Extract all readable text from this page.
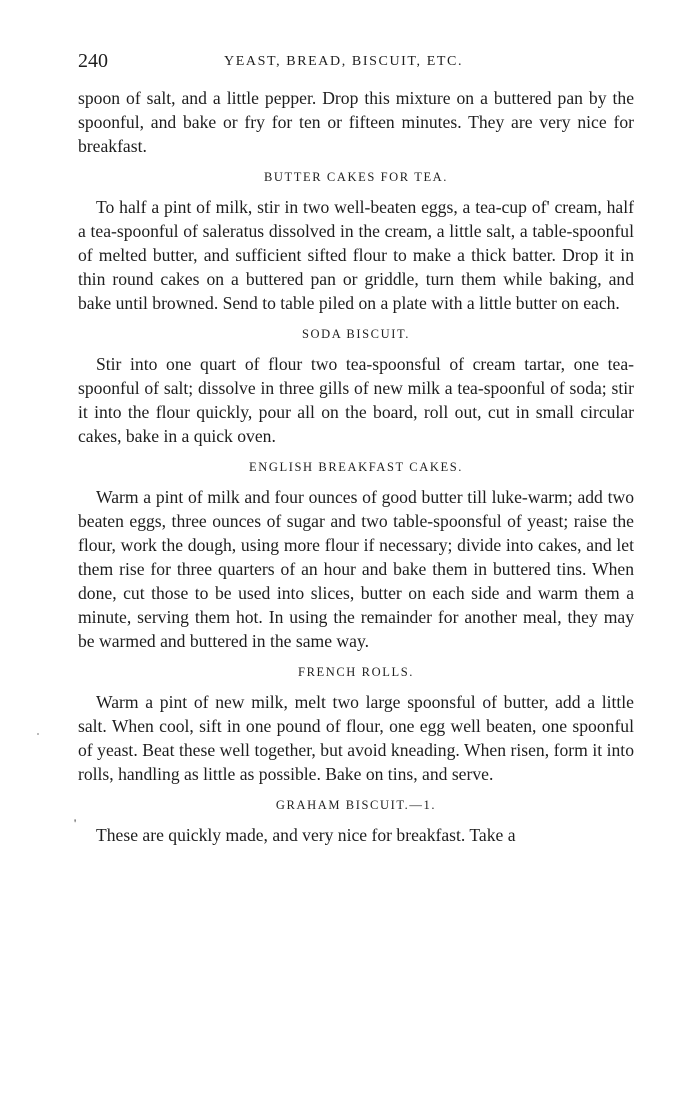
'
240	YEAST, BREAD, BISCUIT, ETC.

spoon of salt, and a little pepper. Drop this mixture on a buttered pan by the spoonful, and bake or fry for ten or fifteen minutes. They are very nice for breakfast.

BUTTER CAKES FOR TEA.

To half a pint of milk, stir in two well-beaten eggs, a tea-cup of' cream, half a tea-spoonful of saleratus dissolved in the cream, a little salt, a table-spoonful of melted butter, and sufficient sifted flour to make a thick batter. Drop it in thin round cakes on a buttered pan or griddle, turn them while baking, and bake until browned. Send to table piled on a plate with a little butter on each.

SODA BISCUIT.

Stir into one quart of flour two tea-spoonsful of cream tartar, one tea-spoonful of salt; dissolve in three gills of new milk a tea-spoonful of soda; stir it into the flour quickly, pour all on the board, roll out, cut in small circular cakes, bake in a quick oven.

ENGLISH BREAKFAST CAKES.

Warm a pint of milk and four ounces of good butter till luke-warm; add two beaten eggs, three ounces of sugar and two table-spoonsful of yeast; raise the flour, work the dough, using more flour if necessary; divide into cakes, and let them rise for three quarters of an hour and bake them in buttered tins. When done, cut those to be used into slices, butter on each side and warm them a minute, serving them hot. In using the remainder for another meal, they may be warmed and buttered in the same way.

FRENCH ROLLS.

Warm a pint of new milk, melt two large spoonsful of butter, add a little salt. When cool, sift in one pound of flour, one egg well beaten, one spoonful of yeast. Beat these well together, but avoid kneading. When risen, form it into rolls, handling as little as possible. Bake on tins, and serve.

GRAHAM BISCUIT.—1.

These are quickly made, and very nice for breakfast. Take a
